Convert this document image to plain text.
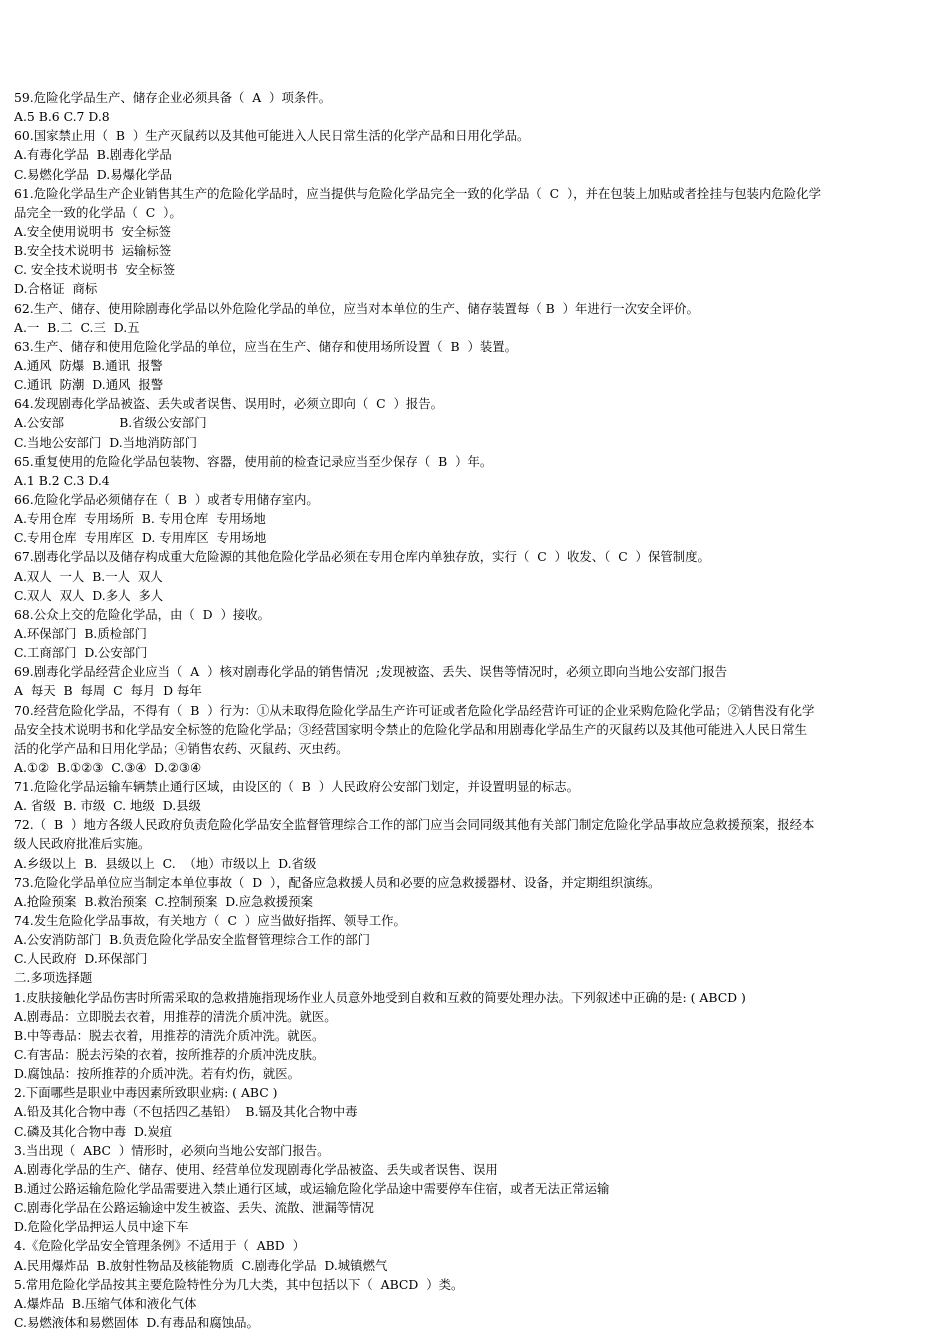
59.危险化学品生产、储存企业必须具备（  A  ）项条件。
A.5 B.6 C.7 D.8
60.国家禁止用（  B  ）生产灭鼠药以及其他可能进入人民日常生活的化学产品和日用化学品。
A.有毒化学品  B.剧毒化学品
C.易燃化学品  D.易爆化学品
61.危险化学品生产企业销售其生产的危险化学品时，应当提供与危险化学品完全一致的化学品（  C  ），并在包装上加贴或者拴挂与包装内危险化学
品完全一致的化学品（  C  ）。
A.安全使用说明书  安全标签
B.安全技术说明书  运输标签
C. 安全技术说明书  安全标签
D.合格证  商标
62.生产、储存、使用除剧毒化学品以外危险化学品的单位，应当对本单位的生产、储存装置每（ B  ）年进行一次安全评价。
A.一  B.二  C.三  D.五
63.生产、储存和使用危险化学品的单位，应当在生产、储存和使用场所设置（  B  ）装置。
A.通风  防爆  B.通讯  报警
C.通讯  防潮  D.通风  报警
64.发现剧毒化学品被盗、丢失或者误售、误用时，必须立即向（  C  ）报告。
A.公安部              B.省级公安部门
C.当地公安部门  D.当地消防部门
65.重复使用的危险化学品包装物、容器，使用前的检查记录应当至少保存（  B  ）年。
A.1 B.2 C.3 D.4
66.危险化学品必须储存在（  B  ）或者专用储存室内。
A.专用仓库  专用场所  B. 专用仓库  专用场地
C.专用仓库  专用库区  D. 专用库区  专用场地
67.剧毒化学品以及储存构成重大危险源的其他危险化学品必须在专用仓库内单独存放，实行（  C  ）收发、（  C  ）保管制度。
A.双人  一人  B.一人  双人
C.双人  双人  D.多人  多人
68.公众上交的危险化学品，由（  D  ）接收。
A.环保部门  B.质检部门
C.工商部门  D.公安部门
69.剧毒化学品经营企业应当（  A  ）核对剧毒化学品的销售情况  ;发现被盗、丢失、误售等情况时，必须立即向当地公安部门报告
A  每天  B  每周  C  每月  D 每年
70.经营危险化学品，不得有（  B  ）行为：①从未取得危险化学品生产许可证或者危险化学品经营许可证的企业采购危险化学品；②销售没有化学
品安全技术说明书和化学品安全标签的危险化学品；③经营国家明令禁止的危险化学品和用剧毒化学品生产的灭鼠药以及其他可能进入人民日常生
活的化学产品和日用化学品；④销售农药、灭鼠药、灭虫药。
A.①②  B.①②③  C.③④  D.②③④
71.危险化学品运输车辆禁止通行区域，由设区的（  B  ）人民政府公安部门划定，并设置明显的标志。
A. 省级  B. 市级  C. 地级  D.县级
72.（  B  ）地方各级人民政府负责危险化学品安全监督管理综合工作的部门应当会同同级其他有关部门制定危险化学品事故应急救援预案，报经本
级人民政府批准后实施。
A.乡级以上  B.  县级以上  C.  （地）市级以上  D.省级
73.危险化学品单位应当制定本单位事故（  D  ），配备应急救援人员和必要的应急救援器材、设备，并定期组织演练。
A.抢险预案  B.救治预案  C.控制预案  D.应急救援预案
74.发生危险化学品事故，有关地方（  C  ）应当做好指挥、领导工作。
A.公安消防部门  B.负责危险化学品安全监督管理综合工作的部门
C.人民政府  D.环保部门
二.多项选择题
1.皮肤接触化学品伤害时所需采取的急救措施指现场作业人员意外地受到自救和互救的简要处理办法。下列叙述中正确的是: ( ABCD )
A.剧毒品：立即脱去衣着，用推荐的清洗介质冲洗。就医。
B.中等毒品：脱去衣着，用推荐的清洗介质冲洗。就医。
C.有害品：脱去污染的衣着，按所推荐的介质冲洗皮肤。
D.腐蚀品：按所推荐的介质冲洗。若有灼伤，就医。
2.下面哪些是职业中毒因素所致职业病: ( ABC )
A.铅及其化合物中毒（不包括四乙基铅）  B.镉及其化合物中毒
C.磷及其化合物中毒  D.炭疽
3.当出现（  ABC  ）情形时，必须向当地公安部门报告。
A.剧毒化学品的生产、储存、使用、经营单位发现剧毒化学品被盗、丢失或者误售、误用
B.通过公路运输危险化学品需要进入禁止通行区域，或运输危险化学品途中需要停车住宿，或者无法正常运输
C.剧毒化学品在公路运输途中发生被盗、丢失、流散、泄漏等情况
D.危险化学品押运人员中途下车
4.《危险化学品安全管理条例》不适用于（  ABD  ）
A.民用爆炸品  B.放射性物品及核能物质  C.剧毒化学品  D.城镇燃气
5.常用危险化学品按其主要危险特性分为几大类，其中包括以下（  ABCD  ）类。
A.爆炸品  B.压缩气体和液化气体
C.易燃液体和易燃固体  D.有毒品和腐蚀品。
